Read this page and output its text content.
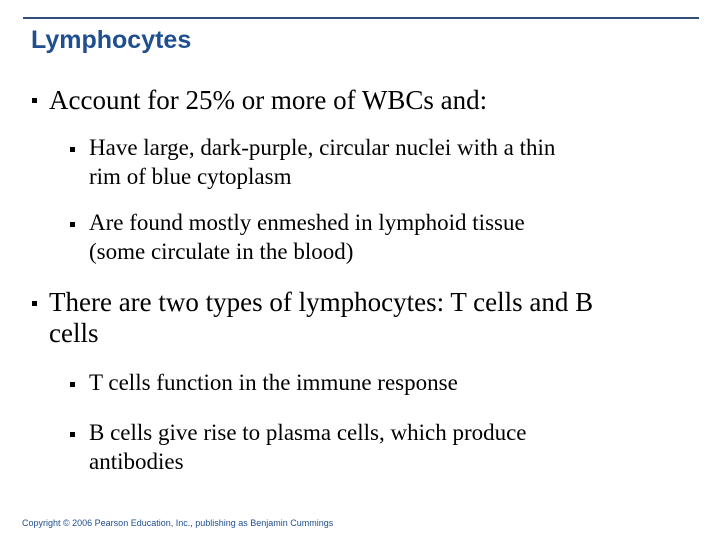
Lymphocytes
Account for 25% or more of WBCs and:
Have large, dark-purple, circular nuclei with a thin
rim of blue cytoplasm
Are found mostly enmeshed in lymphoid tissue
(some circulate in the blood)
There are two types of lymphocytes: T cells and B
cells
T cells function in the immune response
B cells give rise to plasma cells, which produce
antibodies
Copyright © 2006 Pearson Education, Inc., publishing as Benjamin Cummings
